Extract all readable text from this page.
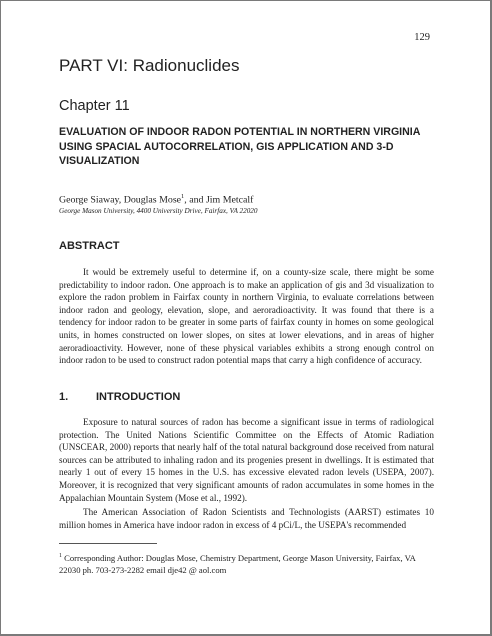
129
PART VI: Radionuclides
Chapter 11
EVALUATION OF INDOOR RADON POTENTIAL IN NORTHERN VIRGINIA USING SPACIAL AUTOCORRELATION, GIS APPLICATION AND 3-D VISUALIZATION
George Siaway, Douglas Mose$^1$, and Jim Metcalf
George Mason University, 4400 University Drive, Fairfax, VA 22020
ABSTRACT

It would be extremely useful to determine if, on a county-size scale, there might be some predictability to indoor radon. One approach is to make an application of gis and 3d visualization to explore the radon problem in Fairfax county in northern Virginia, to evaluate correlations between indoor radon and geology, elevation, slope, and aeroradioactivity. It was found that there is a tendency for indoor radon to be greater in some parts of fairfax county in homes on some geological units, in homes constructed on lower slopes, on sites at lower elevations, and in areas of higher aeroradioactivity. However, none of these physical variables exhibits a strong enough control on indoor radon to be used to construct radon potential maps that carry a high confidence of accuracy.

1.	INTRODUCTION

Exposure to natural sources of radon has become a significant issue in terms of radiological protection. The United Nations Scientific Committee on the Effects of Atomic Radiation (UNSCEAR, 2000) reports that nearly half of the total natural background dose received from natural sources can be attributed to inhaling radon and its progenies present in dwellings. It is estimated that nearly 1 out of every 15 homes in the U.S. has excessive elevated radon levels (USEPA, 2007). Moreover, it is recognized that very significant amounts of radon accumulates in some homes in the Appalachian Mountain System (Mose et al., 1992).

The American Association of Radon Scientists and Technologists (AARST) estimates 10 million homes in America have indoor radon in excess of 4 pCi/L, the USEPA's recommended

$^1$ Corresponding Author: Douglas Mose, Chemistry Department, George Mason University, Fairfax, VA 22030 ph. 703-273-2282 email dje42 @ aol.com
